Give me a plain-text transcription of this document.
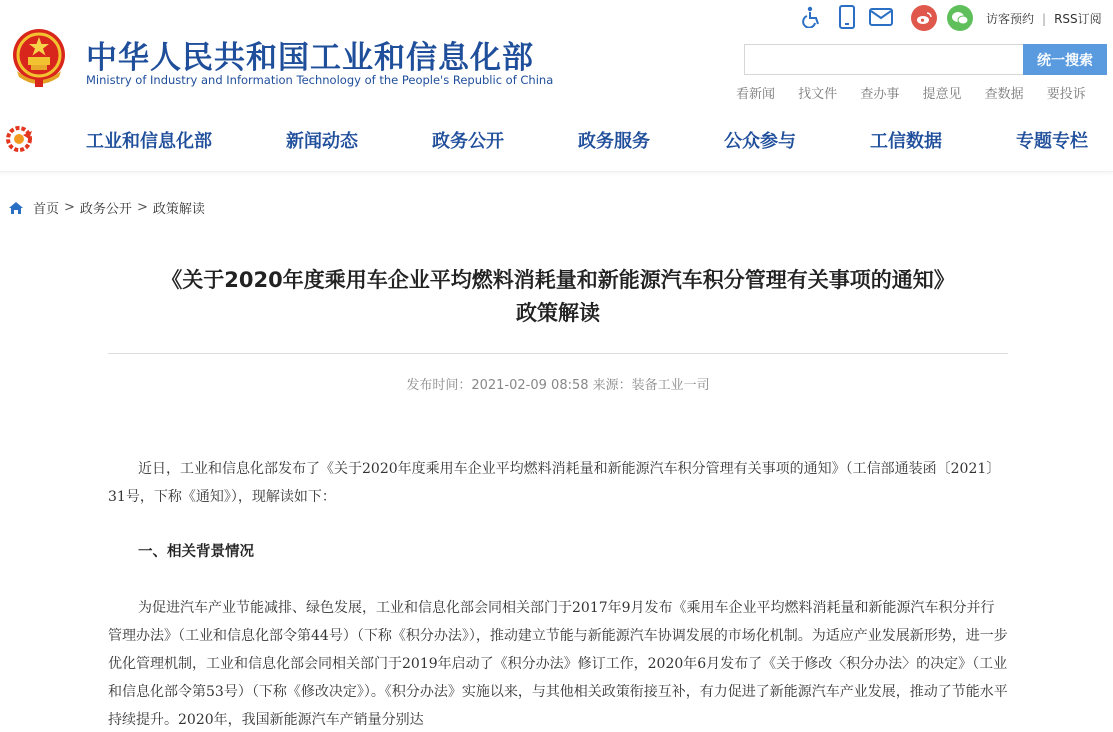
中华人民共和国工业和信息化部
Ministry of Industry and Information Technology of the People's Republic of China
访客预约 | RSS订阅
统一搜索
看新闻 找文件 查办事 提意见 查数据 要投诉
工业和信息化部	新闻动态	政务公开	政务服务	公众参与	工信数据	专题专栏
首页 > 政务公开 > 政策解读
《关于2020年度乘用车企业平均燃料消耗量和新能源汽车积分管理有关事项的通知》
政策解读
发布时间：2021-02-09 08:58 来源：装备工业一司

近日，工业和信息化部发布了《关于2020年度乘用车企业平均燃料消耗量和新能源汽车积分管理有关事项的通知》（工信部通装函〔2021〕31号，下称《通知》），现解读如下：

一、相关背景情况

为促进汽车产业节能减排、绿色发展，工业和信息化部会同相关部门于2017年9月发布《乘用车企业平均燃料消耗量和新能源汽车积分并行管理办法》（工业和信息化部令第44号）（下称《积分办法》），推动建立节能与新能源汽车协调发展的市场化机制。为适应产业发展新形势，进一步优化管理机制，工业和信息化部会同相关部门于2019年启动了《积分办法》修订工作，2020年6月发布了《关于修改〈积分办法〉的决定》（工业和信息化部令第53号）（下称《修改决定》）。《积分办法》实施以来，与其他相关政策衔接互补，有力促进了新能源汽车产业发展，推动了节能水平持续提升。2020年，我国新能源汽车产销量分别达
